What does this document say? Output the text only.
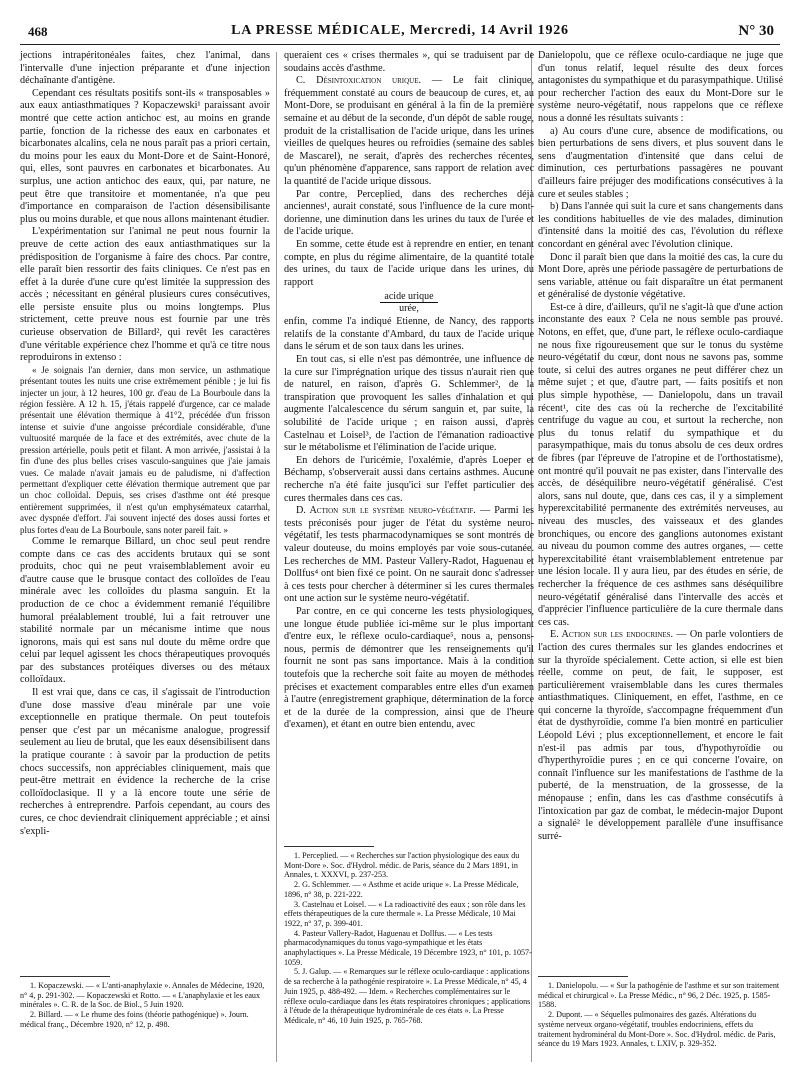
468	LA PRESSE MÉDICALE, Mercredi, 14 Avril 1926	N° 30

jections intrapéritonéales faites, chez l'animal, dans l'intervalle d'une injection préparante et d'une injection déchaînante d'antigène.

Cependant ces résultats positifs sont-ils « transposables » aux eaux antiasthmatiques ? Kopaczewski¹ paraissant avoir montré que cette action antichoc est, au moins en grande partie, fonction de la richesse des eaux en carbonates et bicarbonates alcalins, cela ne nous paraît pas a priori certain, du moins pour les eaux du Mont-Dore et de Saint-Honoré, qui, elles, sont pauvres en carbonates et bicarbonates. Au surplus, une action antichoc des eaux, qui, par nature, ne peut être que transitoire et momentanée, n'a que peu d'importance en comparaison de l'action désensibilisante plus ou moins durable, et que nous allons maintenant étudier.

L'expérimentation sur l'animal ne peut nous fournir la preuve de cette action des eaux antiasthmatiques sur la prédisposition de l'organisme à faire des chocs. Par contre, elle paraît bien ressortir des faits cliniques. Ce n'est pas en effet à la durée d'une cure qu'est limitée la suppression des accès ; nécessitant en général plusieurs cures consécutives, elle persiste ensuite plus ou moins longtemps. Plus strictement, cette preuve nous est fournie par une très curieuse observation de Billard², qui revêt les caractères d'une véritable expérience chez l'homme et qu'à ce titre nous reproduirons in extenso :

« Je soignais l'an dernier, dans mon service, un asthmatique présentant toutes les nuits une crise extrêmement pénible ; je lui fis injecter un jour, à 12 heures, 100 gr. d'eau de La Bourboule dans la région fessière. A 12 h. 15, j'étais rappelé d'urgence, car ce malade présentait une élévation thermique à 41°2, précédée d'un frisson intense et suivie d'une angoisse précordiale considérable, d'une vultuosité marquée de la face et des extrémités, avec chute de la pression artérielle, pouls petit et filant. A mon arrivée, j'assistai à la fin d'une des plus belles crises vasculo-sanguines que j'aie jamais vues. Ce malade n'avait jamais eu de paludisme, ni d'affection permettant d'expliquer cette élévation thermique autrement que par un choc colloïdal. Depuis, ses crises d'asthme ont été presque entièrement supprimées, il n'est qu'un emphysémateux catarrhal, avec dyspnée d'effort. J'ai souvent injecté des doses aussi fortes et plus fortes d'eau de La Bourboule, sans noter pareil fait. »

Comme le remarque Billard, un choc seul peut rendre compte dans ce cas des accidents brutaux qui se sont produits, choc qui ne peut vraisemblablement avoir eu d'autre cause que le brusque contact des colloïdes de l'eau minérale avec les colloïdes du plasma sanguin. Et la production de ce choc a évidemment remanié l'équilibre humoral préalablement troublé, lui a fait retrouver une stabilité normale par un mécanisme intime que nous ignorons, mais qui est sans nul doute du même ordre que celui par lequel agissent les chocs thérapeutiques provoqués par des substances protéiques diverses ou des métaux colloïdaux.

Il est vrai que, dans ce cas, il s'agissait de l'introduction d'une dose massive d'eau minérale par une voie exceptionnelle en pratique thermale. On peut toutefois penser que c'est par un mécanisme analogue, progressif seulement au lieu de brutal, que les eaux désensibilisent dans la pratique courante : à savoir par la production de petits chocs successifs, non appréciables cliniquement, mais que peut-être mettrait en évidence la recherche de la crise colloïdoclasique. Il y a là encore toute une série de recherches à entreprendre. Parfois cependant, au cours des cures, ce choc deviendrait cliniquement appréciable ; et ainsi s'expli-

1. Kopaczewski. — « L'anti-anaphylaxie ». Annales de Médecine, 1920, n° 4, p. 291-302. — Kopaczewski et Rotto. — « L'anaphylaxie et les eaux minérales ». C. R. de la Soc. de Biol., 5 Juin 1920.

2. Billard. — « Le rhume des foins (théorie pathogénique) ». Journ. médical franç., Décembre 1920, n° 12, p. 498.

queraient ces « crises thermales », qui se traduisent par de soudains accès d'asthme.

C. Désintoxication urique. — Le fait clinique, fréquemment constaté au cours de beaucoup de cures, et, au Mont-Dore, se produisant en général à la fin de la première semaine et au début de la seconde, d'un dépôt de sable rouge, produit de la cristallisation de l'acide urique, dans les urines vieilles de quelques heures ou refroidies (semaine des sables de Mascarel), ne serait, d'après des recherches récentes, qu'un phénomène d'apparence, sans rapport de relation avec la quantité de l'acide urique dissous.

Par contre, Perceplied, dans des recherches déjà anciennes¹, aurait constaté, sous l'influence de la cure mont-dorienne, une diminution dans les urines du taux de l'urée et de l'acide urique.

En somme, cette étude est à reprendre en entier, en tenant compte, en plus du régime alimentaire, de la quantité totale des urines, du taux de l'acide urique dans les urines, du rapport

acide urique
urée,

enfin, comme l'a indiqué Etienne, de Nancy, des rapports relatifs de la constante d'Ambard, du taux de l'acide urique dans le sérum et de son taux dans les urines.

En tout cas, si elle n'est pas démontrée, une influence de la cure sur l'imprégnation urique des tissus n'aurait rien que de naturel, en raison, d'après G. Schlemmer², de la transpiration que provoquent les salles d'inhalation et qui augmente l'alcalescence du sérum sanguin et, par suite, la solubilité de l'acide urique ; en raison aussi, d'après Castelnau et Loisel³, de l'action de l'émanation radioactive sur le métabolisme et l'élimination de l'acide urique.

En dehors de l'uricémie, l'oxalémie, d'après Loeper et Béchamp, s'observerait aussi dans certains asthmes. Aucune recherche n'a été faite jusqu'ici sur l'effet particulier des cures thermales dans ces cas.

D. Action sur le système neuro-végétatif. — Parmi les tests préconisés pour juger de l'état du système neuro-végétatif, les tests pharmacodynamiques se sont montrés de valeur douteuse, du moins employés par voie sous-cutanée. Les recherches de MM. Pasteur Vallery-Radot, Haguenau et Dollfus⁴ ont bien fixé ce point. On ne saurait donc s'adresser à ces tests pour chercher à déterminer si les cures thermales ont une action sur le système neuro-végétatif.

Par contre, en ce qui concerne les tests physiologiques, une longue étude publiée ici-même sur le plus important d'entre eux, le réflexe oculo-cardiaque⁵, nous a, pensons-nous, permis de démontrer que les renseignements qu'il fournit ne sont pas sans importance. Mais à la condition toutefois que la recherche soit faite au moyen de méthodes précises et exactement comparables entre elles d'un examen à l'autre (enregistrement graphique, détermination de la force et de la durée de la compression, ainsi que de l'heure d'examen), et étant en outre bien entendu, avec

1. Perceplied. — « Recherches sur l'action physiologique des eaux du Mont-Dore ». Soc. d'Hydrol. médic. de Paris, séance du 2 Mars 1891, in Annales, t. XXXVI, p. 237-253.

2. G. Schlemmer. — « Asthme et acide urique ». La Presse Médicale, 1896, n° 38, p. 221-222.

3. Castelnau et Loisel. — « La radioactivité des eaux ; son rôle dans les effets thérapeutiques de la cure thermale ». La Presse Médicale, 10 Mai 1922, n° 37, p. 399-401.

4. Pasteur Vallery-Radot, Haguenau et Dollfus. — « Les tests pharmacodynamiques du tonus vago-sympathique et les états anaphylactiques ». La Presse Médicale, 19 Décembre 1923, n° 101, p. 1057-1059.

5. J. Galup. — « Remarques sur le réflexe oculo-cardiaque : applications de sa recherche à la pathogénie respiratoire ». La Presse Médicale, n° 45, 4 Juin 1925, p. 488-492. — Idem. « Recherches complémentaires sur le réflexe oculo-cardiaque dans les états respiratoires chroniques ; applications à l'étude de la thérapeutique hydrominérale de ces états ». La Presse Médicale, n° 46, 10 Juin 1925, p. 765-768.

Danielopolu, que ce réflexe oculo-cardiaque ne juge que d'un tonus relatif, lequel résulte des deux forces antagonistes du sympathique et du parasympathique. Utilisé pour rechercher l'action des eaux du Mont-Dore sur le système neuro-végétatif, nous rappelons que ce réflexe nous a donné les résultats suivants :

a) Au cours d'une cure, absence de modifications, ou bien perturbations de sens divers, et plus souvent dans le sens d'augmentation d'intensité que dans celui de diminution, ces perturbations passagères ne pouvant d'ailleurs faire préjuger des modifications consécutives à la cure et seules stables ;

b) Dans l'année qui suit la cure et sans changements dans les conditions habituelles de vie des malades, diminution d'intensité dans la moitié des cas, l'évolution du réflexe concordant en général avec l'évolution clinique.

Donc il paraît bien que dans la moitié des cas, la cure du Mont Dore, après une période passagère de perturbations de sens variable, atténue ou fait disparaître un état permanent et généralisé de dystonie végétative.

Est-ce à dire, d'ailleurs, qu'il ne s'agit-là que d'une action inconstante des eaux ? Cela ne nous semble pas prouvé. Notons, en effet, que, d'une part, le réflexe oculo-cardiaque ne nous fixe rigoureusement que sur le tonus du système neuro-végétatif du cœur, dont nous ne savons pas, somme toute, si celui des autres organes ne peut différer chez un même sujet ; et que, d'autre part, — faits positifs et non plus simple hypothèse, — Danielopolu, dans un travail récent¹, cite des cas où la recherche de l'excitabilité centrifuge du vague au cou, et surtout la recherche, non plus du tonus relatif du sympathique et du parasympathique, mais du tonus absolu de ces deux ordres de fibres (par l'épreuve de l'atropine et de l'orthostatisme), ont montré qu'il pouvait ne pas exister, dans l'intervalle des accès, de déséquilibre neuro-végétatif généralisé. C'est alors, sans nul doute, que, dans ces cas, il y a simplement hyperexcitabilité permanente des extrémités nerveuses, au niveau des muscles, des vaisseaux et des glandes bronchiques, ou encore des ganglions autonomes existant au niveau du poumon comme des autres organes, — cette hyperexcitabilité étant vraisemblablement entretenue par une lésion locale. Il y aura lieu, par des études en série, de rechercher la fréquence de ces asthmes sans déséquilibre neuro-végétatif généralisé dans l'intervalle des accès et d'apprécier l'influence particulière de la cure thermale dans ces cas.

E. Action sur les endocrines. — On parle volontiers de l'action des cures thermales sur les glandes endocrines et sur la thyroïde spécialement. Cette action, si elle est bien réelle, comme on peut, de fait, le supposer, est particulièrement vraisemblable dans les cures thermales antiasthmatiques. Cliniquement, en effet, l'asthme, en ce qui concerne la thyroïde, s'accompagne fréquemment d'un état de dysthyroïdie, comme l'a bien montré en particulier Léopold Lévi ; plus exceptionnellement, et encore le fait n'est-il pas admis par tous, d'hypothyroïdie ou d'hyperthyroïdie pures ; en ce qui concerne l'ovaire, on connaît l'influence sur les manifestations de l'asthme de la puberté, de la menstruation, de la grossesse, de la ménopause ; enfin, dans les cas d'asthme consécutifs à l'intoxication par gaz de combat, le médecin-major Dupont a signalé² le développement parallèle d'une insuffisance surré-

1. Danielopolu. — « Sur la pathogénie de l'asthme et sur son traitement médical et chirurgical ». La Presse Médic., n° 96, 2 Déc. 1925, p. 1585-1588.

2. Dupont. — « Séquelles pulmonaires des gazés. Altérations du système nerveux organo-végétatif, troubles endocriniens, effets du traitement hydrominéral du Mont-Dore ». Soc. d'Hydrol. médic. de Paris, séance du 19 Mars 1923. Annales, t. LXIV, p. 329-352.
